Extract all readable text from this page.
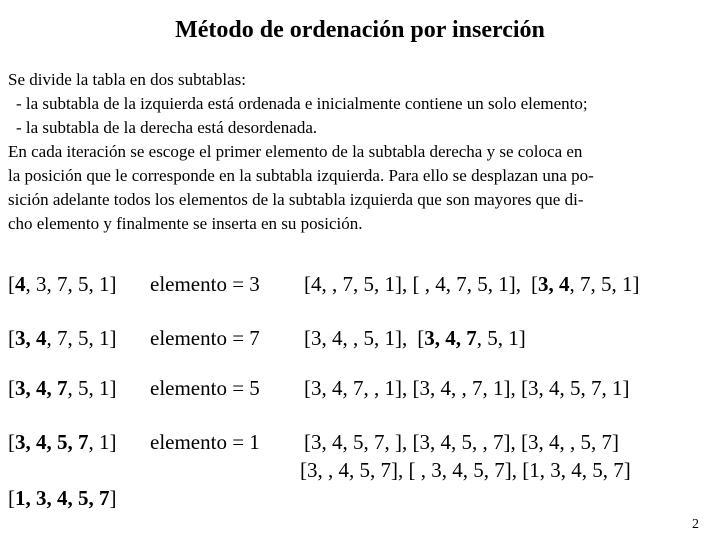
Método de ordenación por inserción
Se divide la tabla en dos subtablas:
- la subtabla de la izquierda está ordenada e inicialmente contiene un solo elemento;
- la subtabla de la derecha está desordenada.
En cada iteración se escoge el primer elemento de la subtabla derecha y se coloca en
la posición que le corresponde en la subtabla izquierda. Para ello se desplazan una po-
sición adelante todos los elementos de la subtabla izquierda que son mayores que di-
cho elemento y finalmente se inserta en su posición.
[4, 3, 7, 5, 1] elemento = 3 [4, , 7, 5, 1], [ , 4, 7, 5, 1], [3, 4, 7, 5, 1]
[3, 4, 7, 5, 1] elemento = 7 [3, 4, , 5, 1], [3, 4, 7, 5, 1]
[3, 4, 7, 5, 1] elemento = 5 [3, 4, 7, , 1], [3, 4, , 7, 1], [3, 4, 5, 7, 1]
[3, 4, 5, 7, 1] elemento = 1 [3, 4, 5, 7, ], [3, 4, 5, , 7], [3, 4, , 5, 7]
[3, , 4, 5, 7], [ , 3, 4, 5, 7], [1, 3, 4, 5, 7]
[1, 3, 4, 5, 7]
2
